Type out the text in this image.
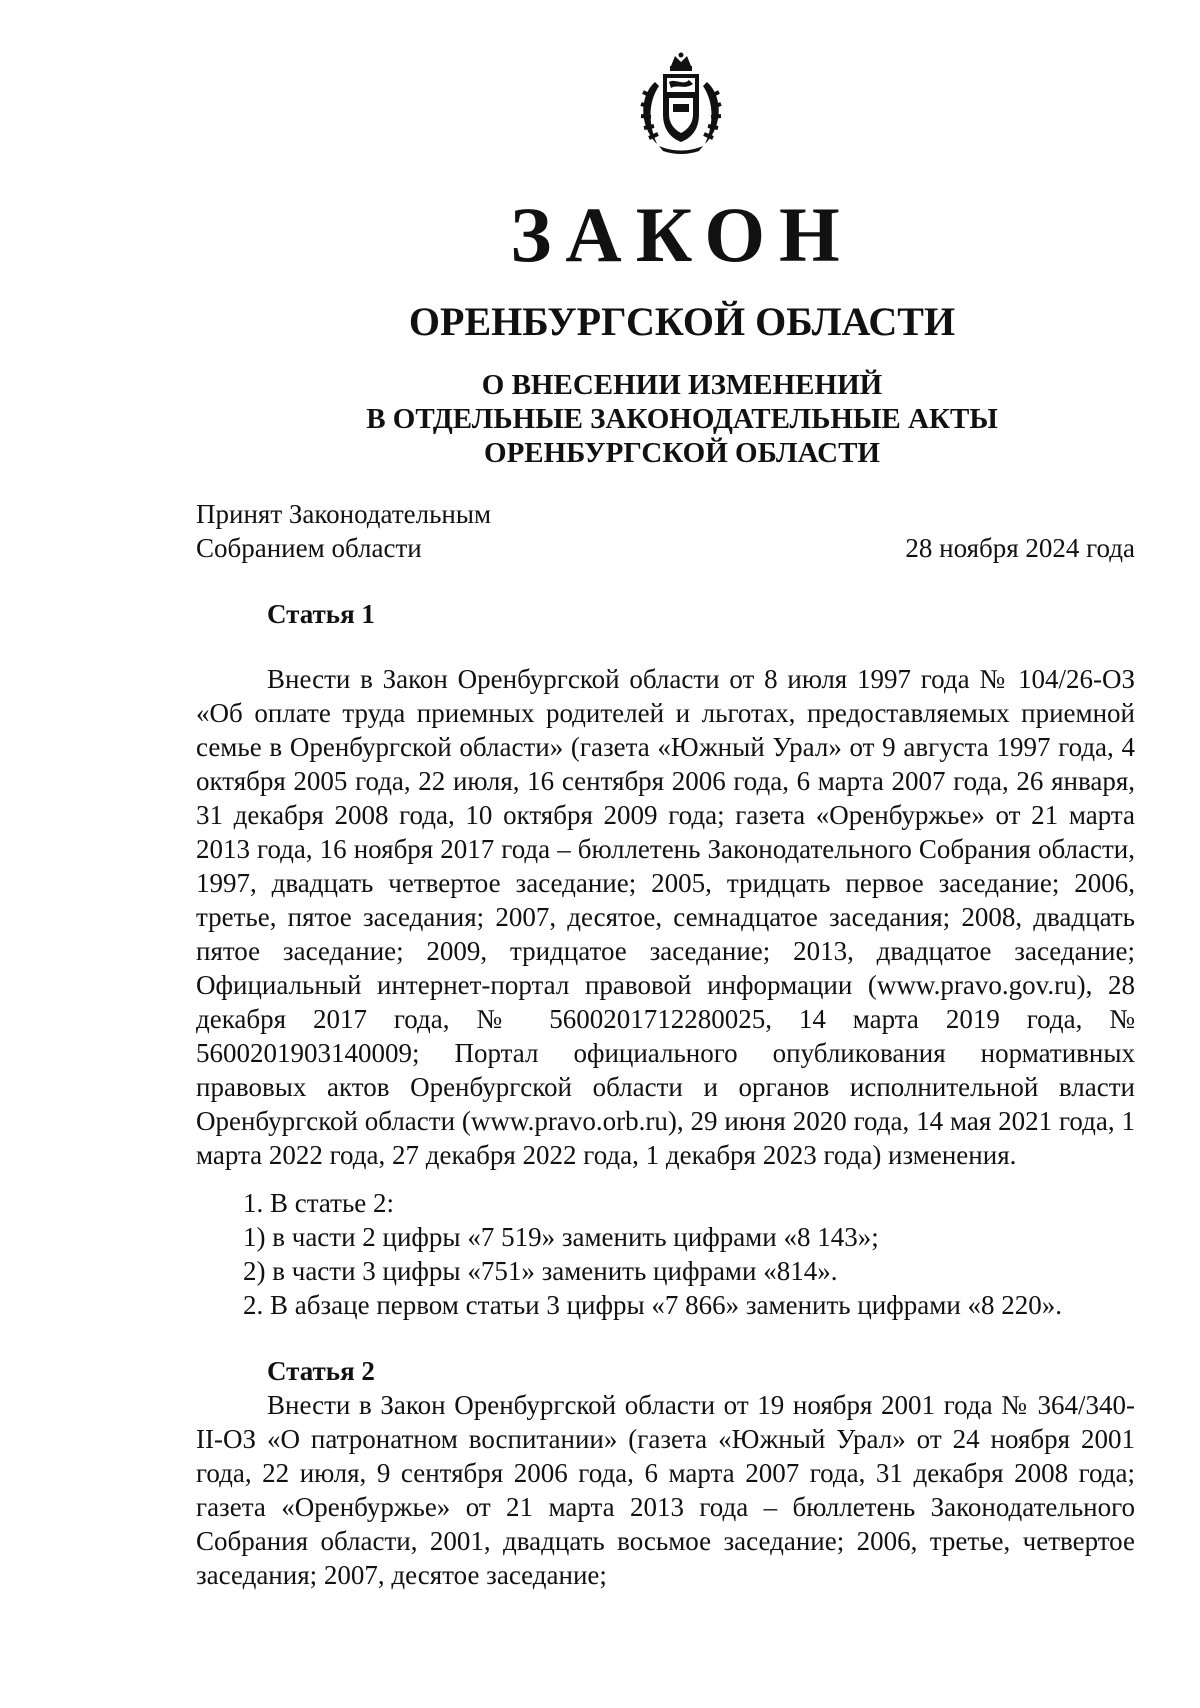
ЗАКОН
ОРЕНБУРГСКОЙ ОБЛАСТИ
О ВНЕСЕНИИ ИЗМЕНЕНИЙ
В ОТДЕЛЬНЫЕ ЗАКОНОДАТЕЛЬНЫЕ АКТЫ
ОРЕНБУРГСКОЙ ОБЛАСТИ
Принят Законодательным
Собранием области	28 ноября 2024 года
Статья 1

Внести в Закон Оренбургской области от 8 июля 1997 года № 104/26-ОЗ «Об оплате труда приемных родителей и льготах, предоставляемых приемной семье в Оренбургской области» (газета «Южный Урал» от 9 августа 1997 года, 4 октября 2005 года, 22 июля, 16 сентября 2006 года, 6 марта 2007 года, 26 января, 31 декабря 2008 года, 10 октября 2009 года; газета «Оренбуржье» от 21 марта 2013 года, 16 ноября 2017 года – бюллетень Законодательного Собрания области, 1997, двадцать четвертое заседание; 2005, тридцать первое заседание; 2006, третье, пятое заседания; 2007, десятое, семнадцатое заседания; 2008, двадцать пятое заседание; 2009, тридцатое заседание; 2013, двадцатое заседание; Официальный интернет-портал правовой информации (www.pravo.gov.ru), 28 декабря 2017 года, № 5600201712280025, 14 марта 2019 года, № 5600201903140009; Портал официального опубликования нормативных правовых актов Оренбургской области и органов исполнительной власти Оренбургской области (www.pravo.orb.ru), 29 июня 2020 года, 14 мая 2021 года, 1 марта 2022 года, 27 декабря 2022 года, 1 декабря 2023 года) изменения.

1. В статье 2:
1) в части 2 цифры «7 519» заменить цифрами «8 143»;
2) в части 3 цифры «751» заменить цифрами «814».
2. В абзаце первом статьи 3 цифры «7 866» заменить цифрами «8 220».
Статья 2

Внести в Закон Оренбургской области от 19 ноября 2001 года № 364/340-II-ОЗ «О патронатном воспитании» (газета «Южный Урал» от 24 ноября 2001 года, 22 июля, 9 сентября 2006 года, 6 марта 2007 года, 31 декабря 2008 года; газета «Оренбуржье» от 21 марта 2013 года – бюллетень Законодательного Собрания области, 2001, двадцать восьмое заседание; 2006, третье, четвертое заседания; 2007, десятое заседание;
